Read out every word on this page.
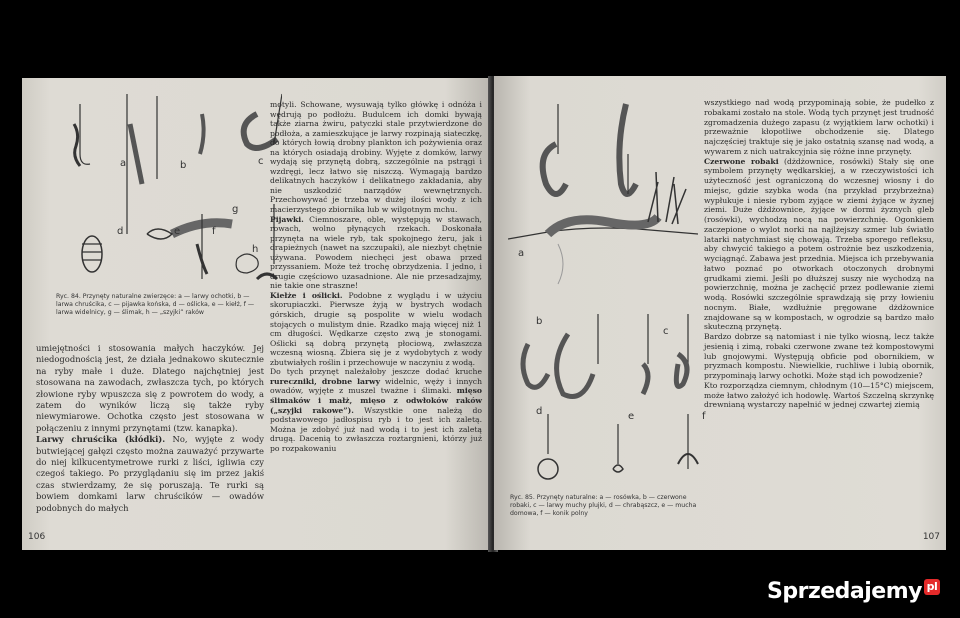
a	b	c
d	e	f
g
h
Ryc. 84. Przynęty naturalne zwierzęce: a — larwy ochotki, b — larwa chruścika, c — pijawka końska, d — oślicka, e — kiełż, f — larwa widelnicy, g — ślimak, h — „szyjki” raków

umiejętności i stosowania małych haczyków. Jej niedogodnością jest, że działa jednakowo skutecznie na ryby małe i duże. Dlatego najchętniej jest stosowana na zawodach, zwłaszcza tych, po których złowione ryby wpuszcza się z powrotem do wody, a zatem do wyników liczą się także ryby niewymiarowe. Ochotka często jest stosowana w połączeniu z innymi przynętami (tzw. kanapka).

Larwy chruścika (kłódki). No, wyjęte z wody butwiejącej gałęzi często można zauważyć przywarte do niej kilkucentymetrowe rurki z liści, igliwia czy czegoś takiego. Po przyglądaniu się im przez jakiś czas stwierdzamy, że się poruszają. Te rurki są bowiem domkami larw chruścików — owadów podobnych do małych

motyli. Schowane, wysuwają tylko główkę i odnóża i wędrują po podłożu. Budulcem ich domki bywają także ziarna żwiru, patyczki stale przytwierdzone do podłoża, a zamieszkujące je larwy rozpinają siateczkę, do których łowią drobny plankton ich pożywienia oraz na których osiadają drobiny. Wyjęte z domków, larwy wydają się przynętą dobrą, szczególnie na pstrągi i wzdręgi, lecz łatwo się niszczą. Wymagają bardzo delikatnych haczyków i delikatnego zakładania, aby nie uszkodzić narządów wewnętrznych. Przechowywać je trzeba w dużej ilości wody z ich macierzystego zbiornika lub w wilgotnym mchu.

Pijawki. Ciemnoszare, oble, występują w stawach, rowach, wolno płynących rzekach. Doskonała przynęta na wiele ryb, tak spokojnego żeru, jak i drapieżnych (nawet na szczupaki), ale niezbyt chętnie używana. Powodem niechęci jest obawa przed przyssaniem. Może też trochę obrzydzenia. I jedno, i drugie częściowo uzasadnione. Ale nie przesadzajmy, nie takie one straszne!

Kiełże i oślicki. Podobne z wyglądu i w użyciu skorupiaczki. Pierwsze żyją w bystrych wodach górskich, drugie są pospolite w wielu wodach stojących o mulistym dnie. Rzadko mają więcej niż 1 cm długości. Wędkarze często zwą je stonogami. Oślicki są dobrą przynętą płociową, zwłaszcza wczesną wiosną. Zbiera się je z wydobytych z wody zbutwiałych roślin i przechowuje w naczyniu z wodą.

Do tych przynęt należałoby jeszcze dodać kruche rureczniki, drobne larwy widelnic, węży i innych owadów, wyjęte z muszel tważne i ślimaki. mięso ślimaków i małż, mięso z odwłoków raków („szyjki rakowe”). Wszystkie one należą do podstawowego jadłospisu ryb i to jest ich zaletą. Można je zdobyć już nad wodą i to jest ich zaletą drugą. Dacenią to zwłaszcza roztargnieni, którzy już po rozpakowaniu

106
a
b
c
d	e	f
Ryc. 85. Przynęty naturalne: a — rosówka, b — czerwone robaki, c — larwy muchy plujki, d — chrabąszcz, e — mucha domowa, f — konik polny

wszystkiego nad wodą przypominają sobie, że pudełko z robakami zostało na stole. Wodą tych przynęt jest trudność zgromadzenia dużego zapasu (z wyjątkiem larw ochotki) i przeważnie kłopotliwe obchodzenie się. Dlatego najczęściej traktuje się je jako ostatnią szansę nad wodą, a wywarem z nich uatrakcyjnia się różne inne przynęty.

Czerwone robaki (dżdżownice, rosówki) Stały się one symbolem przynęty wędkarskiej, a w rzeczywistości ich użyteczność jest ograniczoną do wczesnej wiosny i do miejsc, gdzie szybka woda (na przykład przybrzeżna) wypłukuje i niesie rybom zyjące w ziemi żyjące w żyznej ziemi. Duże dżdżownice, żyjące w dormi żyznych gleb (rosówki), wychodzą nocą na powierzchnię. Ogonkiem zaczepione o wylot norki na najlżejszy szmer lub światło latarki natychmiast się chowają. Trzeba sporego refleksu, aby chwycić takiego a potem ostrożnie bez uszkodzenia, wyciągnąć. Zabawa jest przednia. Miejsca ich przebywania łatwo poznać po otworkach otoczonych drobnymi grudkami ziemi. Jeśli po dłuższej suszy nie wychodzą na powierzchnię, można je zachęcić przez podlewanie ziemi wodą. Rosówki szczególnie sprawdzają się przy łowieniu nocnym. Białe, wzdłużnie pręgowane dżdżownice znajdowane są w kompostach, w ogrodzie są bardzo mało skuteczną przynętą.

Bardzo dobrze są natomiast i nie tylko wiosną, lecz także jesienią i zimą, robaki czerwone zwane też kompostowymi lub gnojowymi. Występują obficie pod obornikiem, w pryzmach kompostu. Niewielkie, ruchliwe i lubią obornik, przypominają larwy ochotki. Może stąd ich powodzenie?

Kto rozporządza ciemnym, chłodnym (10—15°C) miejscem, może łatwo założyć ich hodowlę. Wartoś Szczelną skrzynkę drewnianą wystarczy napełnić w jednej czwartej ziemią

107
Sprzedajemy pl
